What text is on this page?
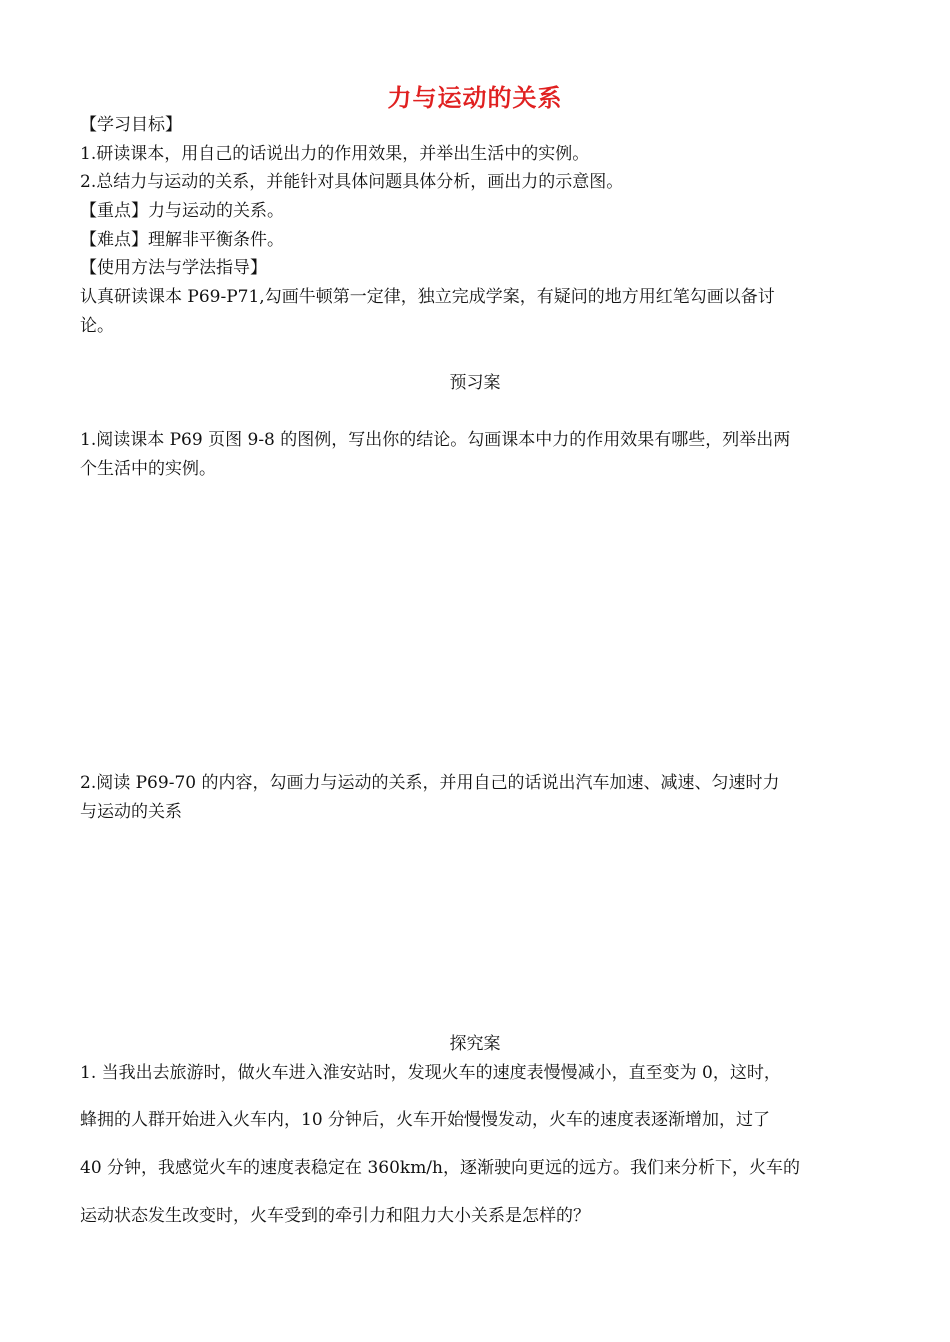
力与运动的关系
【学习目标】
1.研读课本，用自己的话说出力的作用效果，并举出生活中的实例。
2.总结力与运动的关系，并能针对具体问题具体分析，画出力的示意图。
【重点】力与运动的关系。
【难点】理解非平衡条件。
【使用方法与学法指导】
认真研读课本 P69-P71,勾画牛顿第一定律，独立完成学案，有疑问的地方用红笔勾画以备讨
论。
预习案
1.阅读课本 P69 页图 9-8 的图例，写出你的结论。勾画课本中力的作用效果有哪些，列举出两
个生活中的实例。
2.阅读 P69-70 的内容，勾画力与运动的关系，并用自己的话说出汽车加速、减速、匀速时力
与运动的关系
探究案
1. 当我出去旅游时，做火车进入淮安站时，发现火车的速度表慢慢减小，直至变为 0，这时，
蜂拥的人群开始进入火车内，10 分钟后，火车开始慢慢发动，火车的速度表逐渐增加，过了
40 分钟，我感觉火车的速度表稳定在 360km/h，逐渐驶向更远的远方。我们来分析下，火车的
运动状态发生改变时，火车受到的牵引力和阻力大小关系是怎样的？
